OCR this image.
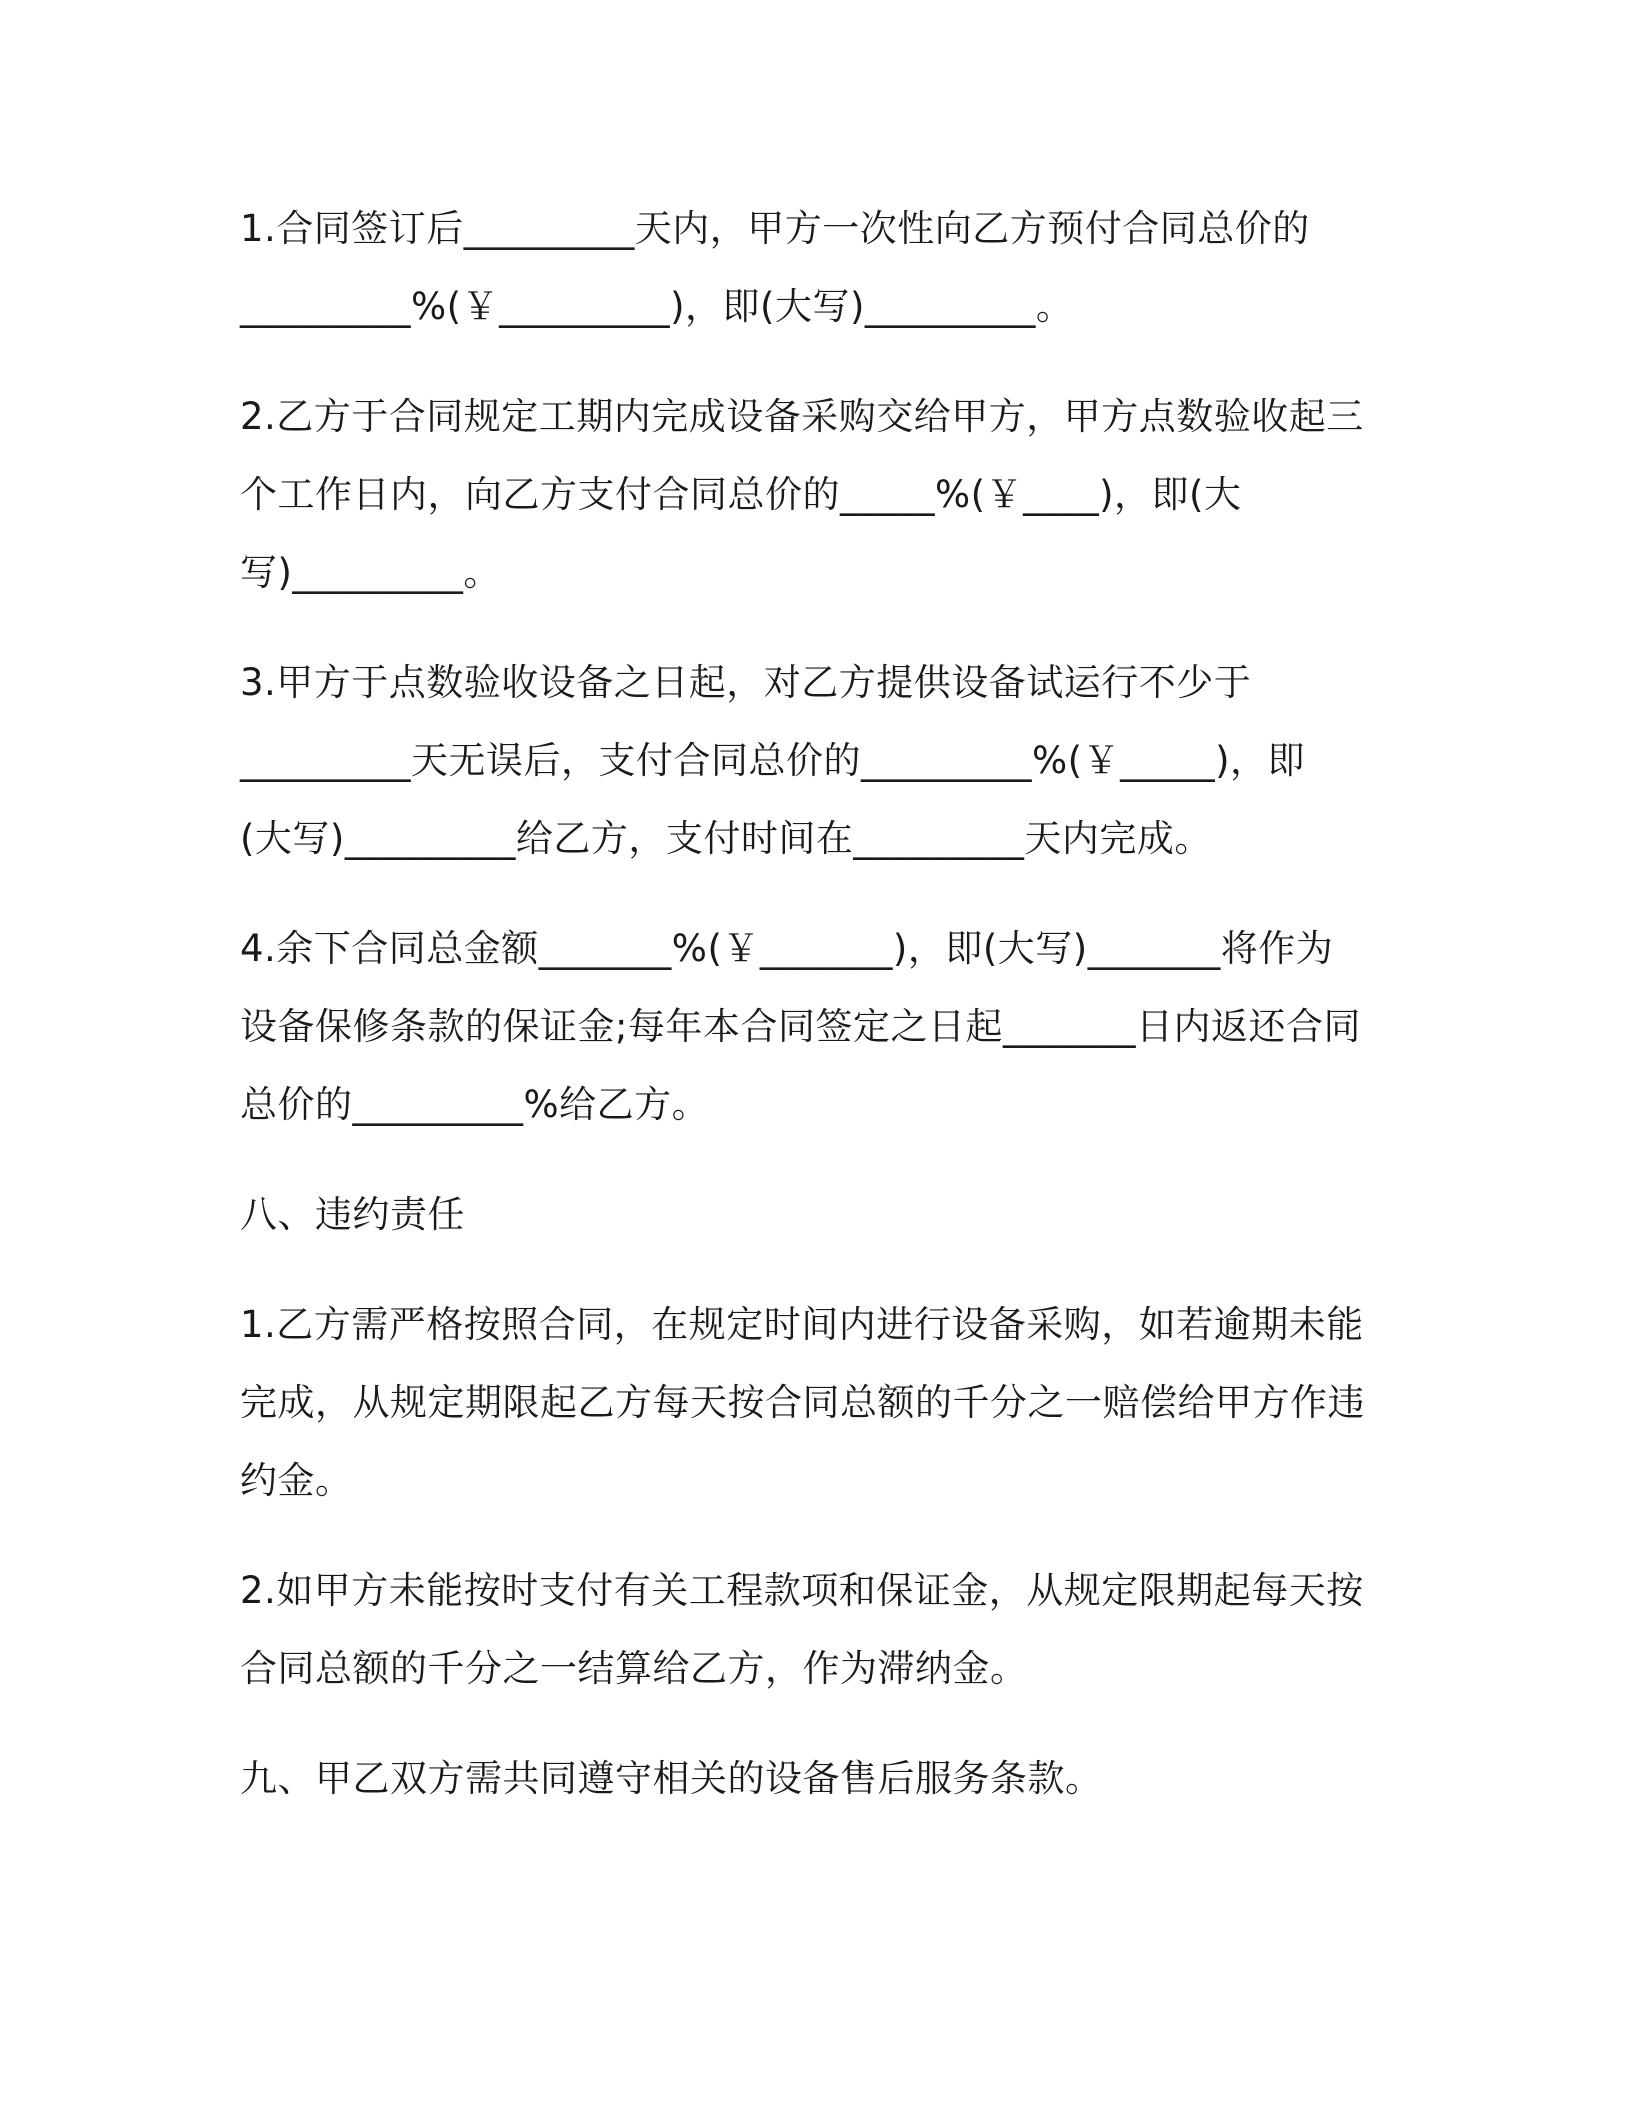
1.合同签订后_________天内，甲方一次性向乙方预付合同总价的
_________%(￥_________)，即(大写)_________。

2.乙方于合同规定工期内完成设备采购交给甲方，甲方点数验收起三
个工作日内，向乙方支付合同总价的_____%(￥____)，即(大
写)_________。

3.甲方于点数验收设备之日起，对乙方提供设备试运行不少于
_________天无误后，支付合同总价的_________%(￥_____)，即
(大写)_________给乙方，支付时间在_________天内完成。

4.余下合同总金额_______%(￥_______)，即(大写)_______将作为
设备保修条款的保证金;每年本合同签定之日起_______日内返还合同
总价的_________%给乙方。

八、违约责任

1.乙方需严格按照合同，在规定时间内进行设备采购，如若逾期未能
完成，从规定期限起乙方每天按合同总额的千分之一赔偿给甲方作违
约金。

2.如甲方未能按时支付有关工程款项和保证金，从规定限期起每天按
合同总额的千分之一结算给乙方，作为滞纳金。

九、甲乙双方需共同遵守相关的设备售后服务条款。
